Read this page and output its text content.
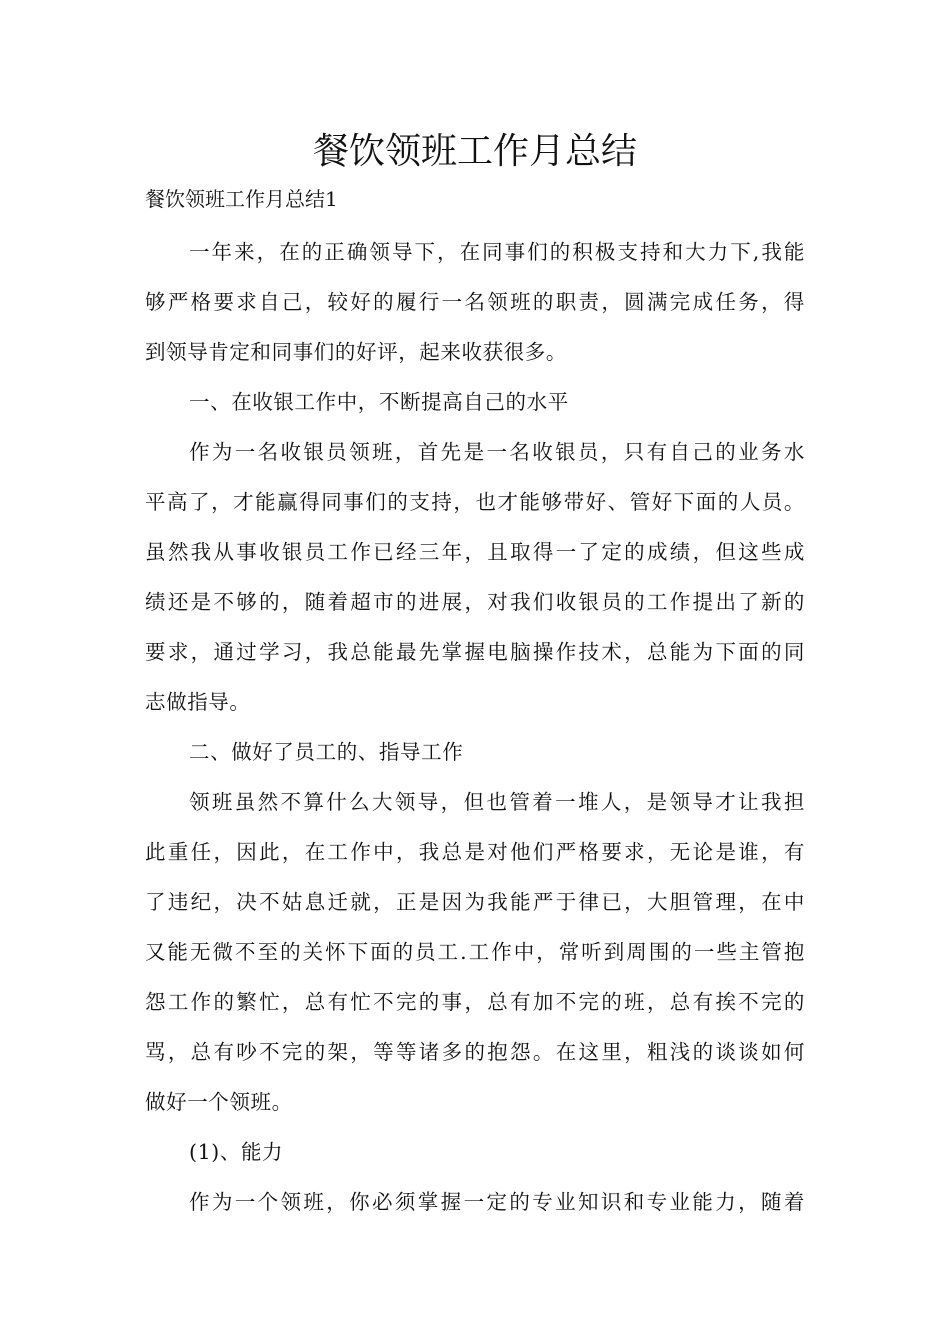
餐饮领班工作月总结

餐饮领班工作月总结1

一年来，在的正确领导下，在同事们的积极支持和大力下,我能
够严格要求自己，较好的履行一名领班的职责，圆满完成任务，得
到领导肯定和同事们的好评，起来收获很多。
一、在收银工作中，不断提高自己的水平
作为一名收银员领班，首先是一名收银员，只有自己的业务水
平高了，才能赢得同事们的支持，也才能够带好、管好下面的人员。
虽然我从事收银员工作已经三年，且取得一了定的成绩，但这些成
绩还是不够的，随着超市的进展，对我们收银员的工作提出了新的
要求，通过学习，我总能最先掌握电脑操作技术，总能为下面的同
志做指导。
二、做好了员工的、指导工作
领班虽然不算什么大领导，但也管着一堆人，是领导才让我担
此重任，因此，在工作中，我总是对他们严格要求，无论是谁，有
了违纪，决不姑息迁就，正是因为我能严于律已，大胆管理，在中
又能无微不至的关怀下面的员工.工作中，常听到周围的一些主管抱
怨工作的繁忙，总有忙不完的事，总有加不完的班，总有挨不完的
骂，总有吵不完的架，等等诸多的抱怨。在这里，粗浅的谈谈如何
做好一个领班。
(1)、能力
作为一个领班，你必须掌握一定的专业知识和专业能力，随着
